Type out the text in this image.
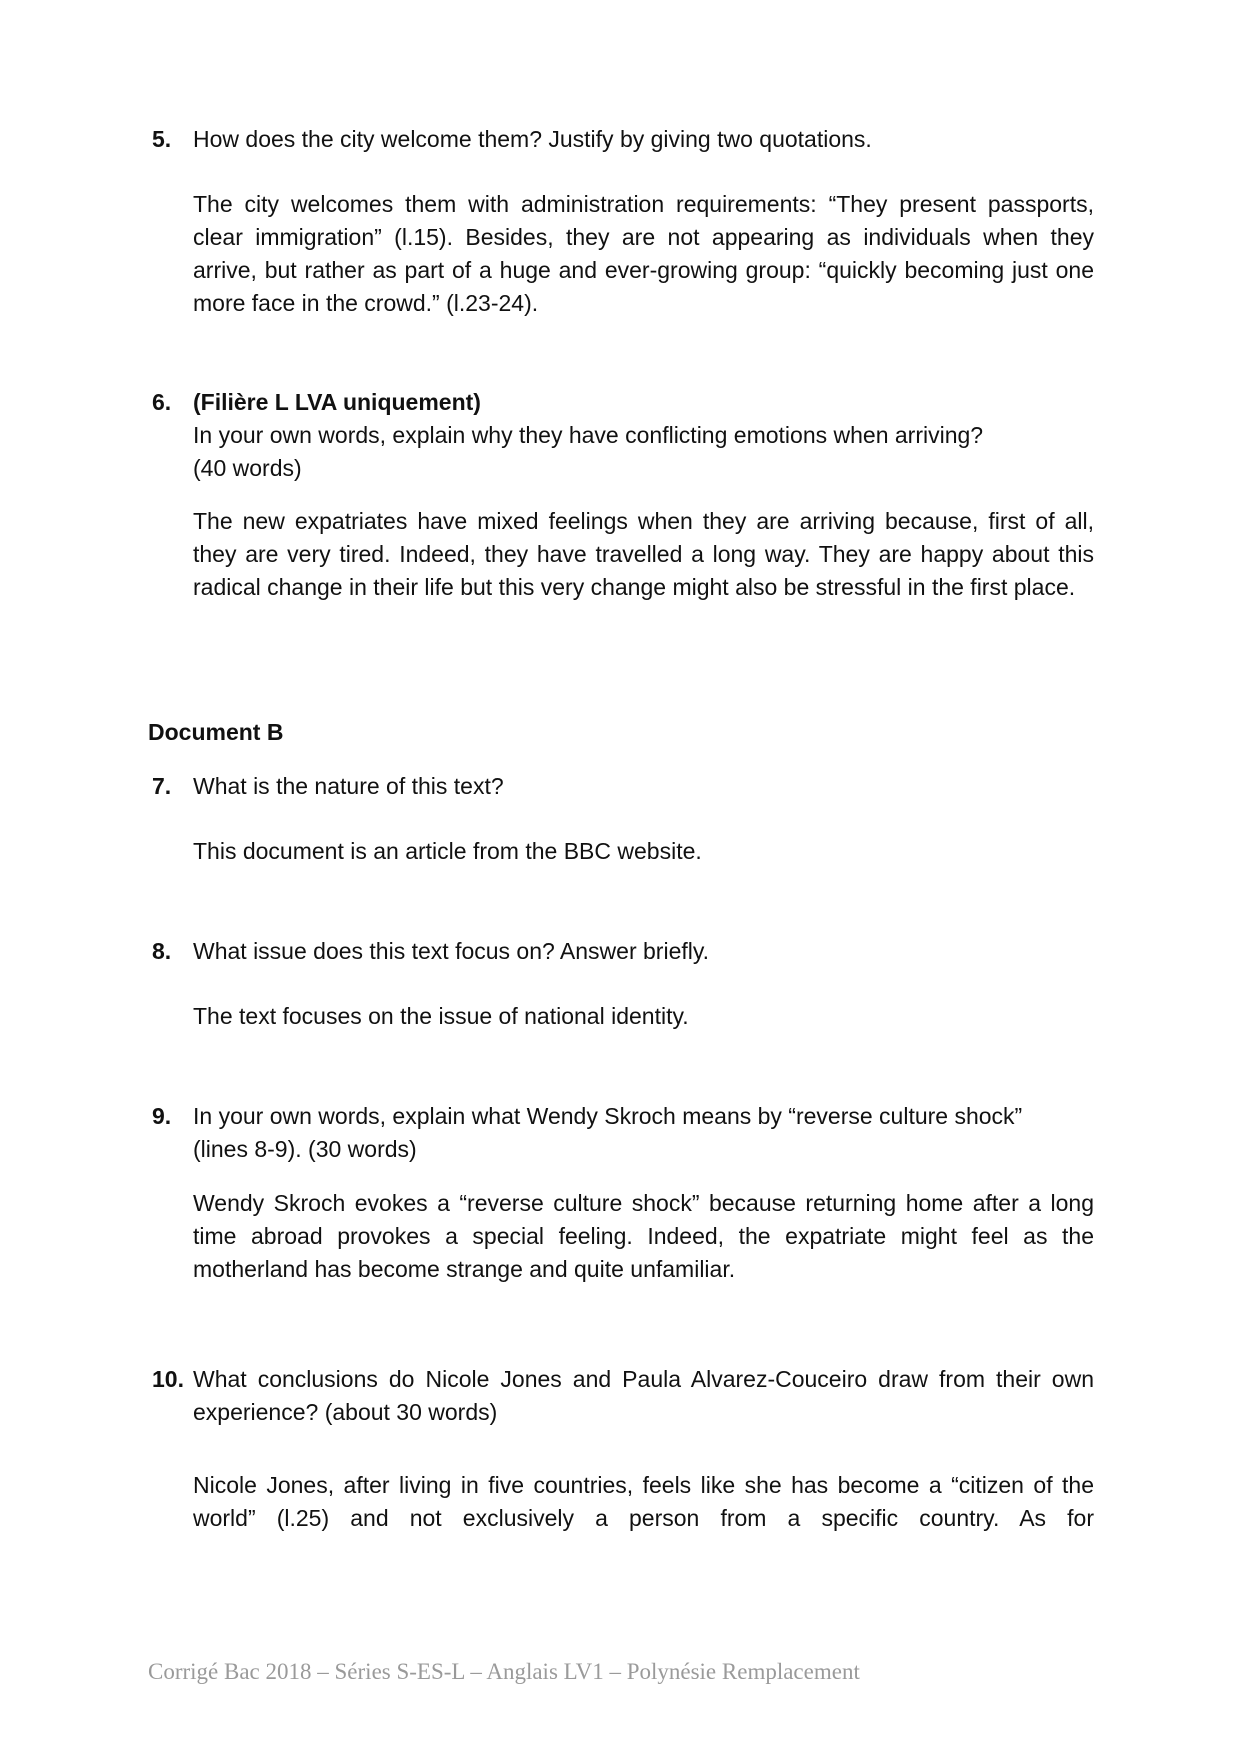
5. How does the city welcome them? Justify by giving two quotations.
The city welcomes them with administration requirements: “They present passports, clear immigration” (l.15). Besides, they are not appearing as individuals when they arrive, but rather as part of a huge and ever-growing group: “quickly becoming just one more face in the crowd.” (l.23-24).
6. (Filière L LVA uniquement)
In your own words, explain why they have conflicting emotions when arriving?
(40 words)
The new expatriates have mixed feelings when they are arriving because, first of all, they are very tired. Indeed, they have travelled a long way. They are happy about this radical change in their life but this very change might also be stressful in the first place.
Document B
7. What is the nature of this text?
This document is an article from the BBC website.
8. What issue does this text focus on? Answer briefly.
The text focuses on the issue of national identity.
9. In your own words, explain what Wendy Skroch means by “reverse culture shock” (lines 8-9). (30 words)
Wendy Skroch evokes a “reverse culture shock” because returning home after a long time abroad provokes a special feeling. Indeed, the expatriate might feel as the motherland has become strange and quite unfamiliar.
10. What conclusions do Nicole Jones and Paula Alvarez-Couceiro draw from their own experience? (about 30 words)
Nicole Jones, after living in five countries, feels like she has become a “citizen of the world” (l.25) and not exclusively a person from a specific country. As for
Corrigé Bac 2018 – Séries S-ES-L – Anglais LV1 – Polynésie Remplacement
